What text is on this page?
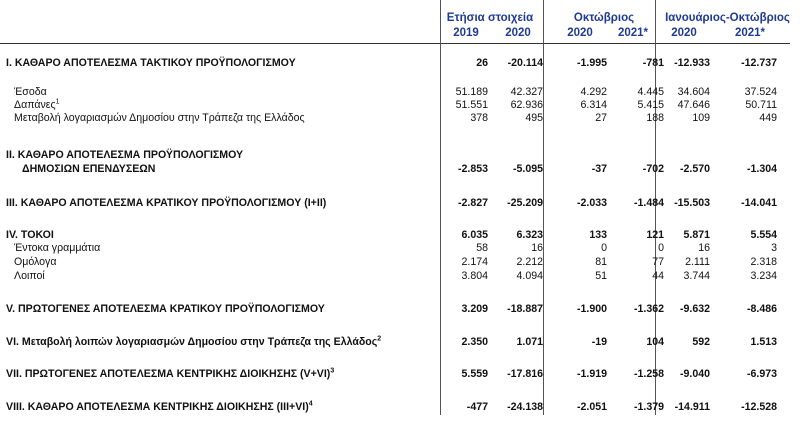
Ετήσια στοιχεία	Οκτώβριος	Ιανουάριος-Οκτώβριος
2019	2020	2020	2021*	2020	2021*
I. ΚΑΘΑΡΟ ΑΠΟΤΕΛΕΣΜΑ ΤΑΚΤΙΚΟΥ ΠΡΟΫΠΟΛΟΓΙΣΜΟΥ	26	-20.114	-1.995	-781 -12.933	-12.737
Έσοδα	51.189	42.327	4.292	4.445	34.604	37.524
Δαπάνες$^1$	51.551	62.936	6.314	5.415	47.646	50.711
Μεταβολή λογαριασμών Δημοσίου στην Τράπεζα της Ελλάδος	378	495	27	188	109	449
II. ΚΑΘΑΡΟ ΑΠΟΤΕΛΕΣΜΑ ΠΡΟΫΠΟΛΟΓΙΣΜΟΥ
ΔΗΜΟΣΙΩΝ ΕΠΕΝΔΥΣΕΩΝ	-2.853	-5.095	-37	-702	-2.570	-1.304
III. ΚΑΘΑΡΟ ΑΠΟΤΕΛΕΣΜΑ ΚΡΑΤΙΚΟΥ ΠΡΟΫΠΟΛΟΓΙΣΜΟΥ (I+II)	-2.827	-25.209	-2.033	-1.484 -15.503	-14.041
IV. ΤΟΚΟΙ	6.035	6.323	133	121	5.871	5.554
Έντοκα γραμμάτια	58	16	0	0	16	3
Ομόλογα	2.174	2.212	81	77	2.111	2.318
Λοιποί	3.804	4.094	51	44	3.744	3.234
V. ΠΡΩΤΟΓΕΝΕΣ ΑΠΟΤΕΛΕΣΜΑ ΚΡΑΤΙΚΟΥ ΠΡΟΫΠΟΛΟΓΙΣΜΟΥ	3.209	-18.887	-1.900	-1.362	-9.632	-8.486
VI. Μεταβολή λοιπών λογαριασμών Δημοσίου στην Τράπεζα της Ελλάδος$^2$	2.350	1.071	-19	104	592	1.513
VII. ΠΡΩΤΟΓΕΝΕΣ ΑΠΟΤΕΛΕΣΜΑ ΚΕΝΤΡΙΚΗΣ ΔΙΟΙΚΗΣΗΣ $(V+VI)^3$	5.559	-17.816	-1.919	-1.258	-9.040	-6.973
VIII. ΚΑΘΑΡΟ ΑΠΟΤΕΛΕΣΜΑ ΚΕΝΤΡΙΚΗΣ ΔΙΟΙΚΗΣΗΣ $(III+VI)^4$	-477	-24.138	-2.051	-1.379	-14.911	-12.528
